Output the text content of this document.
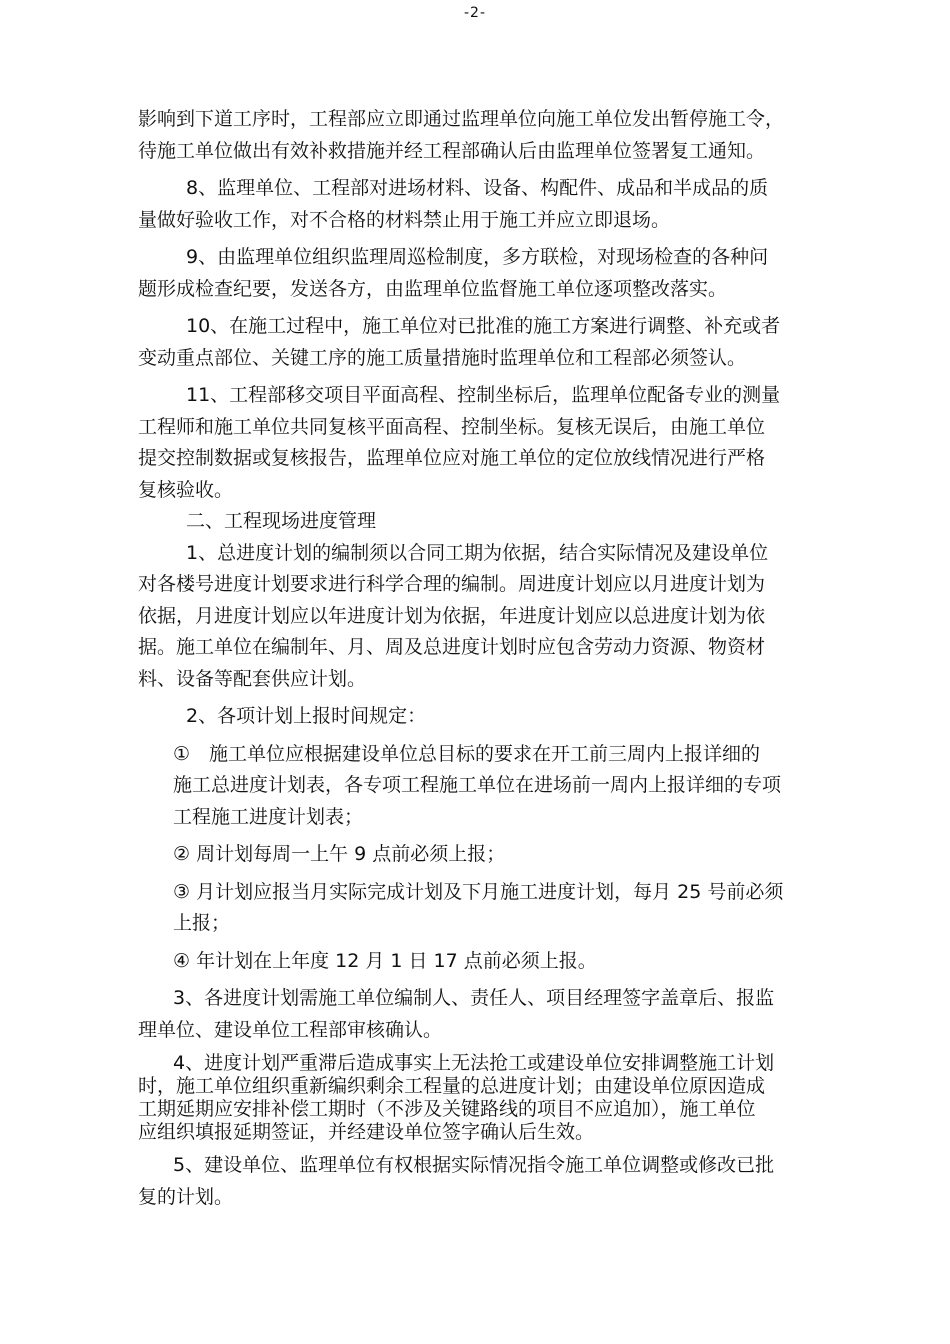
-2-
影响到下道工序时，工程部应立即通过监理单位向施工单位发出暂停施工令，
待施工单位做出有效补救措施并经工程部确认后由监理单位签署复工通知。
8、监理单位、工程部对进场材料、设备、构配件、成品和半成品的质
量做好验收工作，对不合格的材料禁止用于施工并应立即退场。
9、由监理单位组织监理周巡检制度，多方联检，对现场检查的各种问
题形成检查纪要，发送各方，由监理单位监督施工单位逐项整改落实。
10、在施工过程中，施工单位对已批准的施工方案进行调整、补充或者
变动重点部位、关键工序的施工质量措施时监理单位和工程部必须签认。
11、工程部移交项目平面高程、控制坐标后，监理单位配备专业的测量
工程师和施工单位共同复核平面高程、控制坐标。复核无误后，由施工单位
提交控制数据或复核报告，监理单位应对施工单位的定位放线情况进行严格
复核验收。
二、工程现场进度管理
1、总进度计划的编制须以合同工期为依据，结合实际情况及建设单位
对各楼号进度计划要求进行科学合理的编制。周进度计划应以月进度计划为
依据，月进度计划应以年进度计划为依据，年进度计划应以总进度计划为依
据。施工单位在编制年、月、周及总进度计划时应包含劳动力资源、物资材
料、设备等配套供应计划。
2、各项计划上报时间规定：
①　施工单位应根据建设单位总目标的要求在开工前三周内上报详细的
施工总进度计划表，各专项工程施工单位在进场前一周内上报详细的专项
工程施工进度计划表；
② 周计划每周一上午 9 点前必须上报；
③ 月计划应报当月实际完成计划及下月施工进度计划，每月 25 号前必须
上报；
④ 年计划在上年度 12 月 1 日 17 点前必须上报。
3、各进度计划需施工单位编制人、责任人、项目经理签字盖章后、报监
理单位、建设单位工程部审核确认。
4、进度计划严重滞后造成事实上无法抢工或建设单位安排调整施工计划
时，施工单位组织重新编织剩余工程量的总进度计划；由建设单位原因造成
工期延期应安排补偿工期时（不涉及关键路线的项目不应追加），施工单位
应组织填报延期签证，并经建设单位签字确认后生效。
5、建设单位、监理单位有权根据实际情况指令施工单位调整或修改已批
复的计划。
